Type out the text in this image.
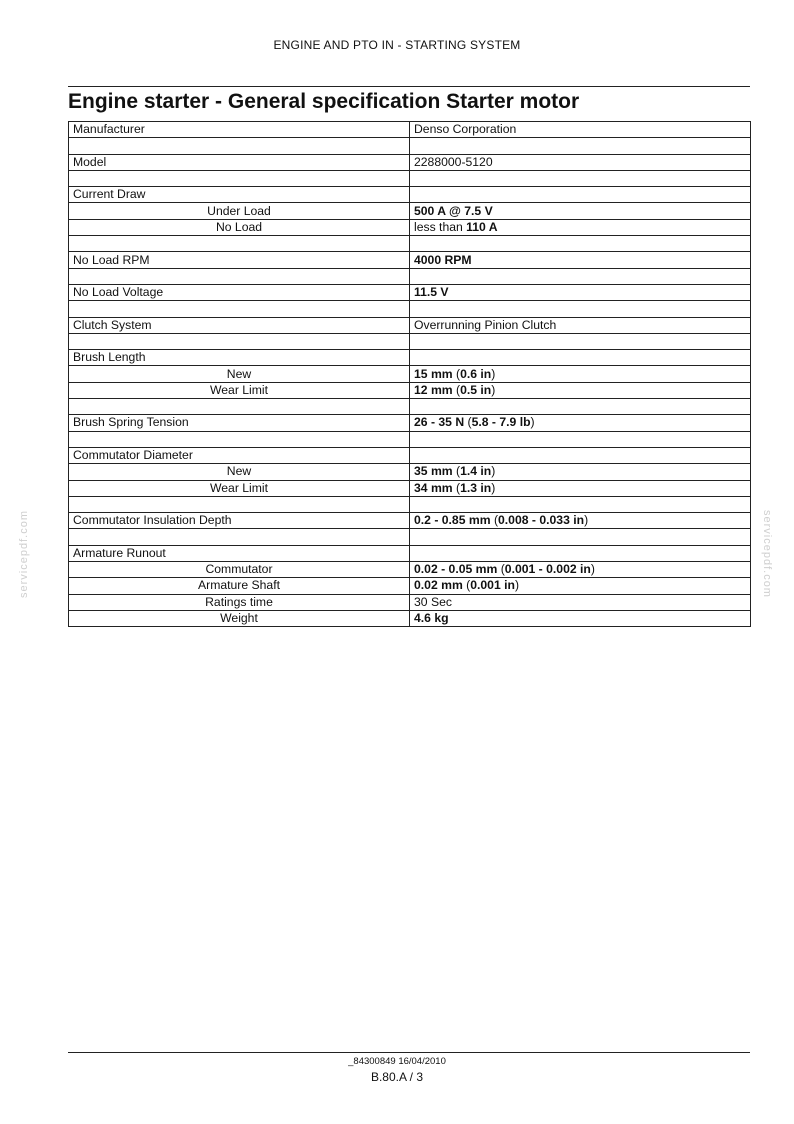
ENGINE AND PTO IN - STARTING SYSTEM
Engine starter - General specification Starter motor
Manufacturer	Denso Corporation

Model	2288000-5120

Current Draw	
Under Load	500 A @ 7.5 V
No Load	less than 110 A

No Load RPM	4000 RPM

No Load Voltage	11.5 V

Clutch System	Overrunning Pinion Clutch

Brush Length	
New	15 mm (0.6 in)
Wear Limit	12 mm (0.5 in)

Brush Spring Tension	26 - 35 N (5.8 - 7.9 lb)

Commutator Diameter	
New	35 mm (1.4 in)
Wear Limit	34 mm (1.3 in)

Commutator Insulation Depth	0.2 - 0.85 mm (0.008 - 0.033 in)

Armature Runout	
Commutator	0.02 - 0.05 mm (0.001 - 0.002 in)
Armature Shaft	0.02 mm (0.001 in)
Ratings time	30 Sec
Weight	4.6 kg
servicepdf.com	servicepdf.com
_84300849 16/04/2010
B.80.A / 3
